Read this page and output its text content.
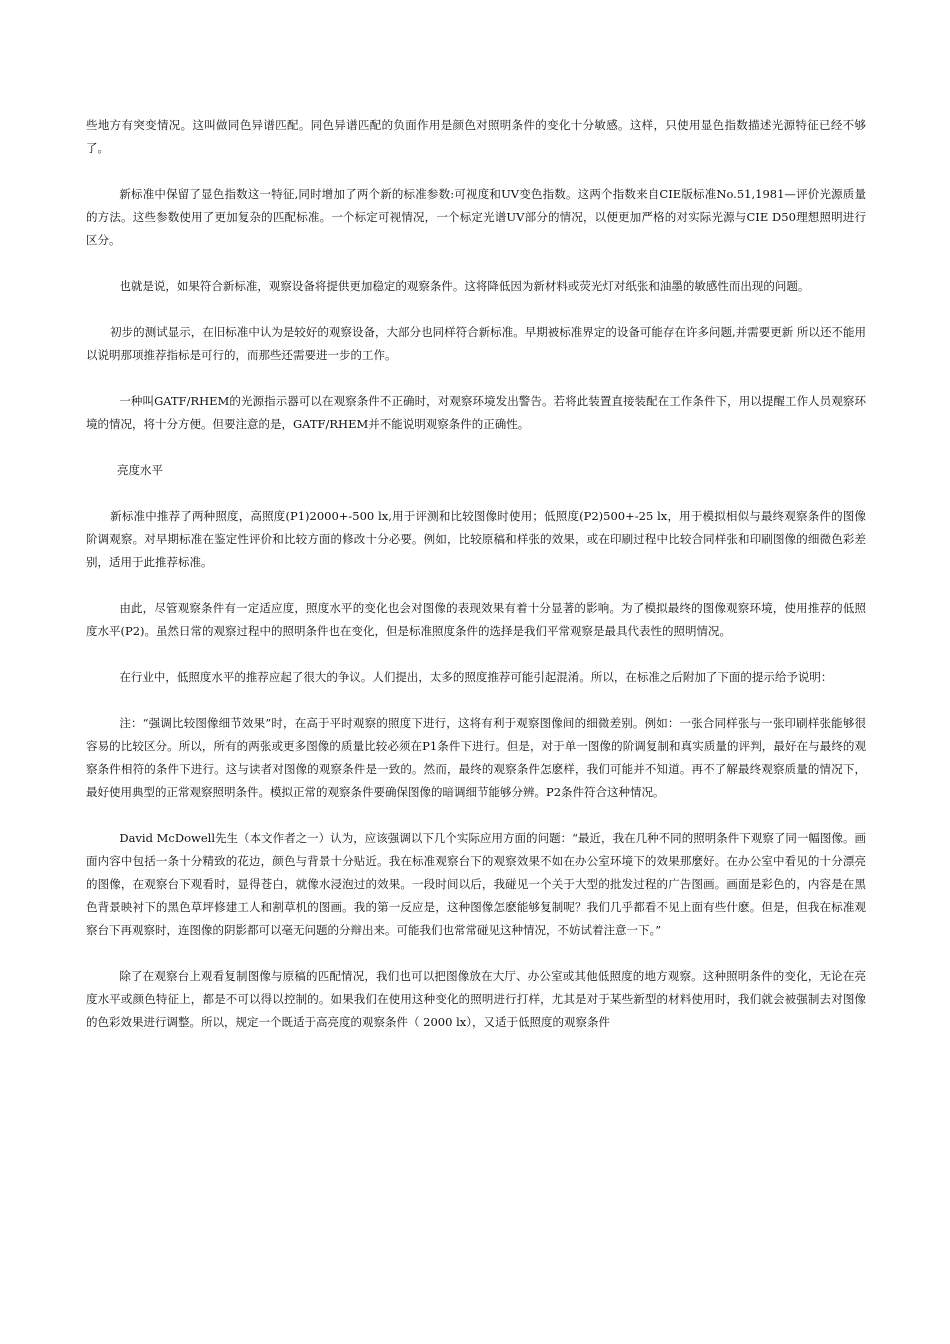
些地方有突变情况。这叫做同色异谱匹配。同色异谱匹配的负面作用是颜色对照明条件的变化十分敏感。这样，只使用显色指数描述光源特征已经不够了。

新标准中保留了显色指数这一特征,同时增加了两个新的标准参数:可视度和UV变色指数。这两个指数来自CIE版标准No.51,1981—评价光源质量的方法。这些参数使用了更加复杂的匹配标准。一个标定可视情况，一个标定光谱UV部分的情况，以便更加严格的对实际光源与CIE D50理想照明进行区分。

也就是说，如果符合新标准，观察设备将提供更加稳定的观察条件。这将降低因为新材料或荧光灯对纸张和油墨的敏感性而出现的问题。

初步的测试显示，在旧标准中认为是较好的观察设备，大部分也同样符合新标准。早期被标准界定的设备可能存在许多问题,并需要更新 所以还不能用以说明那项推荐指标是可行的，而那些还需要进一步的工作。

一种叫GATF/RHEM的光源指示器可以在观察条件不正确时，对观察环境发出警告。若将此装置直接装配在工作条件下，用以提醒工作人员观察环境的情况，将十分方便。但要注意的是，GATF/RHEM并不能说明观察条件的正确性。

亮度水平

新标准中推荐了两种照度，高照度(P1)2000+-500 lx,用于评测和比较图像时使用；低照度(P2)500+-25 lx，用于模拟相似与最终观察条件的图像阶调观察。对早期标准在鉴定性评价和比较方面的修改十分必要。例如，比较原稿和样张的效果，或在印刷过程中比较合同样张和印刷图像的细微色彩差别，适用于此推荐标准。

由此，尽管观察条件有一定适应度，照度水平的变化也会对图像的表现效果有着十分显著的影响。为了模拟最终的图像观察环境，使用推荐的低照度水平(P2)。虽然日常的观察过程中的照明条件也在变化，但是标准照度条件的选择是我们平常观察是最具代表性的照明情况。

在行业中，低照度水平的推荐应起了很大的争议。人们提出，太多的照度推荐可能引起混淆。所以，在标准之后附加了下面的提示给予说明：

注：“强调比较图像细节效果”时，在高于平时观察的照度下进行，这将有利于观察图像间的细微差别。例如：一张合同样张与一张印刷样张能够很容易的比较区分。所以，所有的两张或更多图像的质量比较必须在P1条件下进行。但是，对于单一图像的阶调复制和真实质量的评判，最好在与最终的观察条件相符的条件下进行。这与读者对图像的观察条件是一致的。然而，最终的观察条件怎麽样，我们可能并不知道。再不了解最终观察质量的情况下，最好使用典型的正常观察照明条件。模拟正常的观察条件要确保图像的暗调细节能够分辨。P2条件符合这种情况。

David McDowell先生（本文作者之一）认为，应该强调以下几个实际应用方面的问题：“最近，我在几种不同的照明条件下观察了同一幅图像。画面内容中包括一条十分精致的花边，颜色与背景十分贴近。我在标准观察台下的观察效果不如在办公室环境下的效果那麼好。在办公室中看见的十分漂亮的图像，在观察台下观看时，显得苍白，就像水浸泡过的效果。一段时间以后，我碰见一个关于大型的批发过程的广告图画。画面是彩色的，内容是在黑色背景映衬下的黑色草坪修建工人和割草机的图画。我的第一反应是，这种图像怎麽能够复制呢？我们几乎都看不见上面有些什麽。但是，但我在标准观察台下再观察时，连图像的阴影都可以毫无问题的分辩出来。可能我们也常常碰见这种情况，不妨试着注意一下。”

除了在观察台上观看复制图像与原稿的匹配情况，我们也可以把图像放在大厅、办公室或其他低照度的地方观察。这种照明条件的变化，无论在亮度水平或颜色特征上，都是不可以得以控制的。如果我们在使用这种变化的照明进行打样，尤其是对于某些新型的材料使用时，我们就会被强制去对图像的色彩效果进行调整。所以，规定一个既适于高亮度的观察条件（ 2000 lx），又适于低照度的观察条件
